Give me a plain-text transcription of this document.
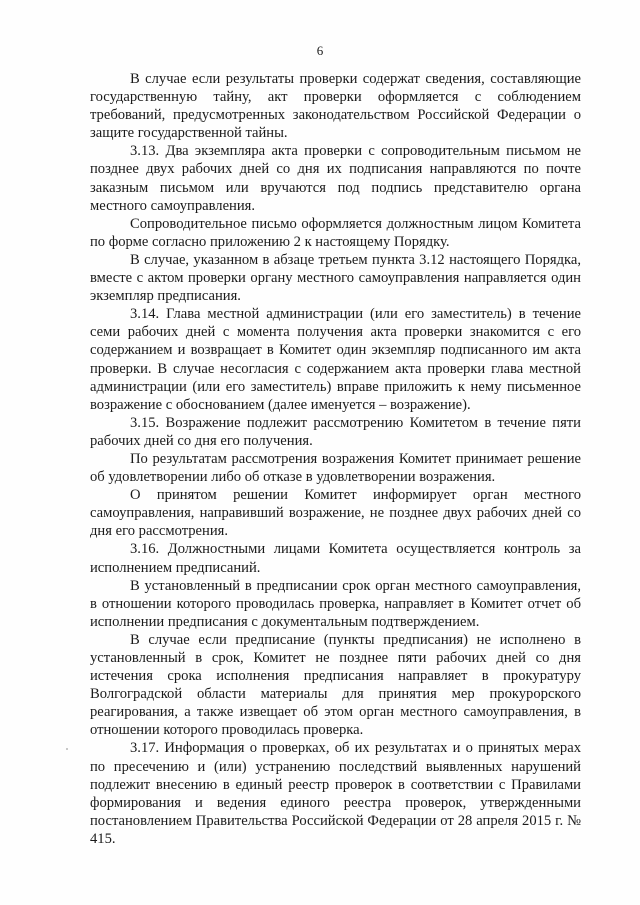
6

В случае если результаты проверки содержат сведения, составляющие государственную тайну, акт проверки оформляется с соблюдением требований, предусмотренных законодательством Российской Федерации о защите государственной тайны.

3.13. Два экземпляра акта проверки с сопроводительным письмом не позднее двух рабочих дней со дня их подписания направляются по почте заказным письмом или вручаются под подпись представителю органа местного самоуправления.

Сопроводительное письмо оформляется должностным лицом Комитета по форме согласно приложению 2 к настоящему Порядку.

В случае, указанном в абзаце третьем пункта 3.12 настоящего Порядка, вместе с актом проверки органу местного самоуправления направляется один экземпляр предписания.

3.14. Глава местной администрации (или его заместитель) в течение семи рабочих дней с момента получения акта проверки знакомится с его содержанием и возвращает в Комитет один экземпляр подписанного им акта проверки. В случае несогласия с содержанием акта проверки глава местной администрации (или его заместитель) вправе приложить к нему письменное возражение с обоснованием (далее именуется – возражение).

3.15. Возражение подлежит рассмотрению Комитетом в течение пяти рабочих дней со дня его получения.

По результатам рассмотрения возражения Комитет принимает решение об удовлетворении либо об отказе в удовлетворении возражения.

О принятом решении Комитет информирует орган местного самоуправления, направивший возражение, не позднее двух рабочих дней со дня его рассмотрения.

3.16. Должностными лицами Комитета осуществляется контроль за исполнением предписаний.

В установленный в предписании срок орган местного самоуправления, в отношении которого проводилась проверка, направляет в Комитет отчет об исполнении предписания с документальным подтверждением.

В случае если предписание (пункты предписания) не исполнено в установленный в срок, Комитет не позднее пяти рабочих дней со дня истечения срока исполнения предписания направляет в прокуратуру Волгоградской области материалы для принятия мер прокурорского реагирования, а также извещает об этом орган местного самоуправления, в отношении которого проводилась проверка.

3.17. Информация о проверках, об их результатах и о принятых мерах по пресечению и (или) устранению последствий выявленных нарушений подлежит внесению в единый реестр проверок в соответствии с Правилами формирования и ведения единого реестра проверок, утвержденными постановлением Правительства Российской Федерации от 28 апреля 2015 г. № 415.
